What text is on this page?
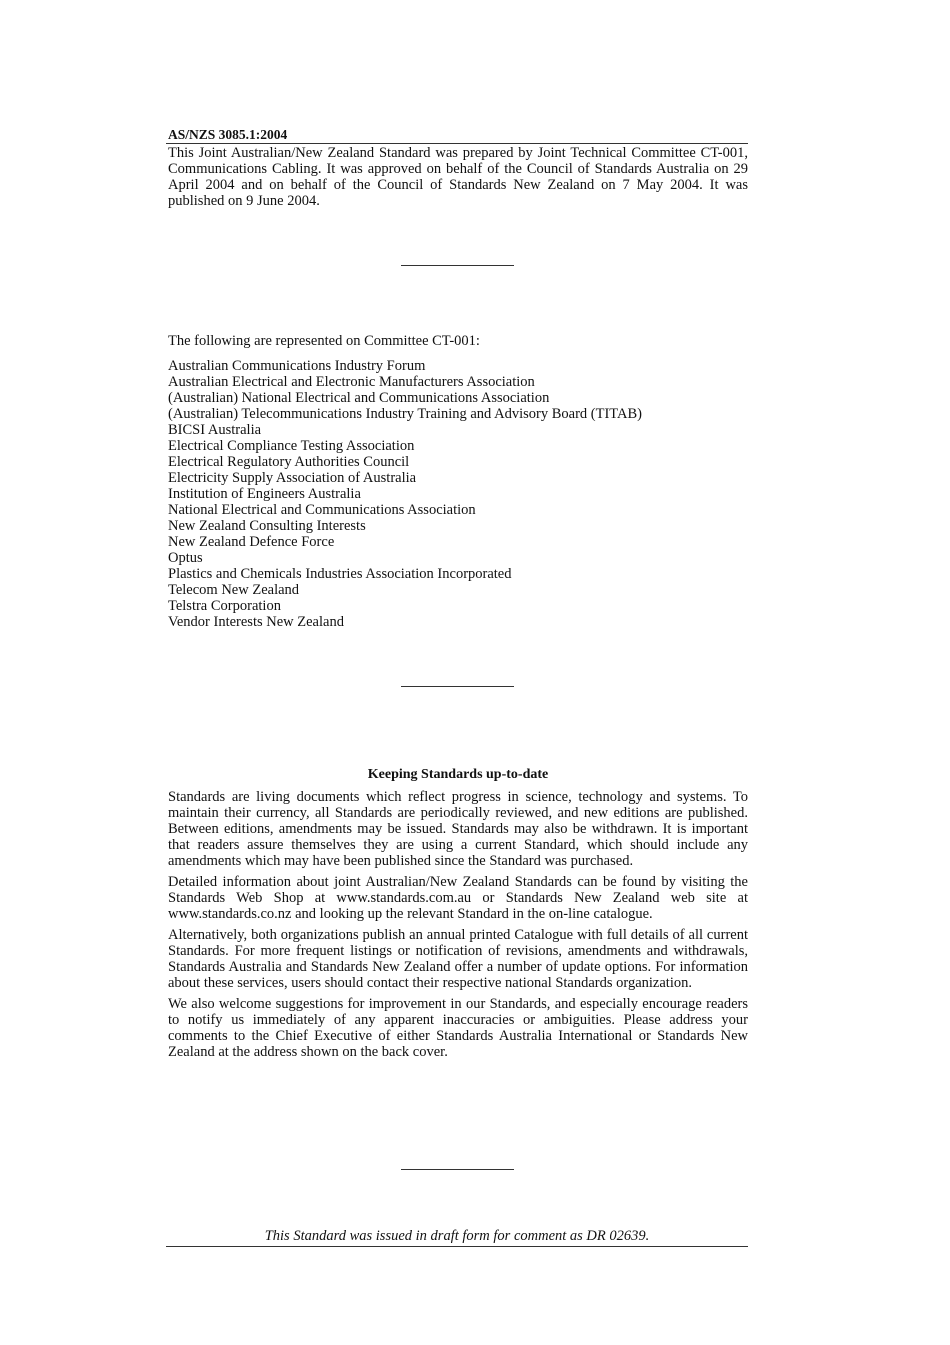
AS/NZS 3085.1:2004
This Joint Australian/New Zealand Standard was prepared by Joint Technical Committee CT-001, Communications Cabling. It was approved on behalf of the Council of Standards Australia on 29 April 2004 and on behalf of the Council of Standards New Zealand on 7 May 2004. It was published on 9 June 2004.
The following are represented on Committee CT-001:
Australian Communications Industry Forum
Australian Electrical and Electronic Manufacturers Association
(Australian) National Electrical and Communications Association
(Australian) Telecommunications Industry Training and Advisory Board (TITAB)
BICSI Australia
Electrical Compliance Testing Association
Electrical Regulatory Authorities Council
Electricity Supply Association of Australia
Institution of Engineers Australia
National Electrical and Communications Association
New Zealand Consulting Interests
New Zealand Defence Force
Optus
Plastics and Chemicals Industries Association Incorporated
Telecom New Zealand
Telstra Corporation
Vendor Interests New Zealand
Keeping Standards up-to-date

Standards are living documents which reflect progress in science, technology and systems. To maintain their currency, all Standards are periodically reviewed, and new editions are published. Between editions, amendments may be issued. Standards may also be withdrawn. It is important that readers assure themselves they are using a current Standard, which should include any amendments which may have been published since the Standard was purchased.

Detailed information about joint Australian/New Zealand Standards can be found by visiting the Standards Web Shop at www.standards.com.au or Standards New Zealand web site at www.standards.co.nz and looking up the relevant Standard in the on-line catalogue.

Alternatively, both organizations publish an annual printed Catalogue with full details of all current Standards. For more frequent listings or notification of revisions, amendments and withdrawals, Standards Australia and Standards New Zealand offer a number of update options. For information about these services, users should contact their respective national Standards organization.

We also welcome suggestions for improvement in our Standards, and especially encourage readers to notify us immediately of any apparent inaccuracies or ambiguities. Please address your comments to the Chief Executive of either Standards Australia International or Standards New Zealand at the address shown on the back cover.

This Standard was issued in draft form for comment as DR 02639.
